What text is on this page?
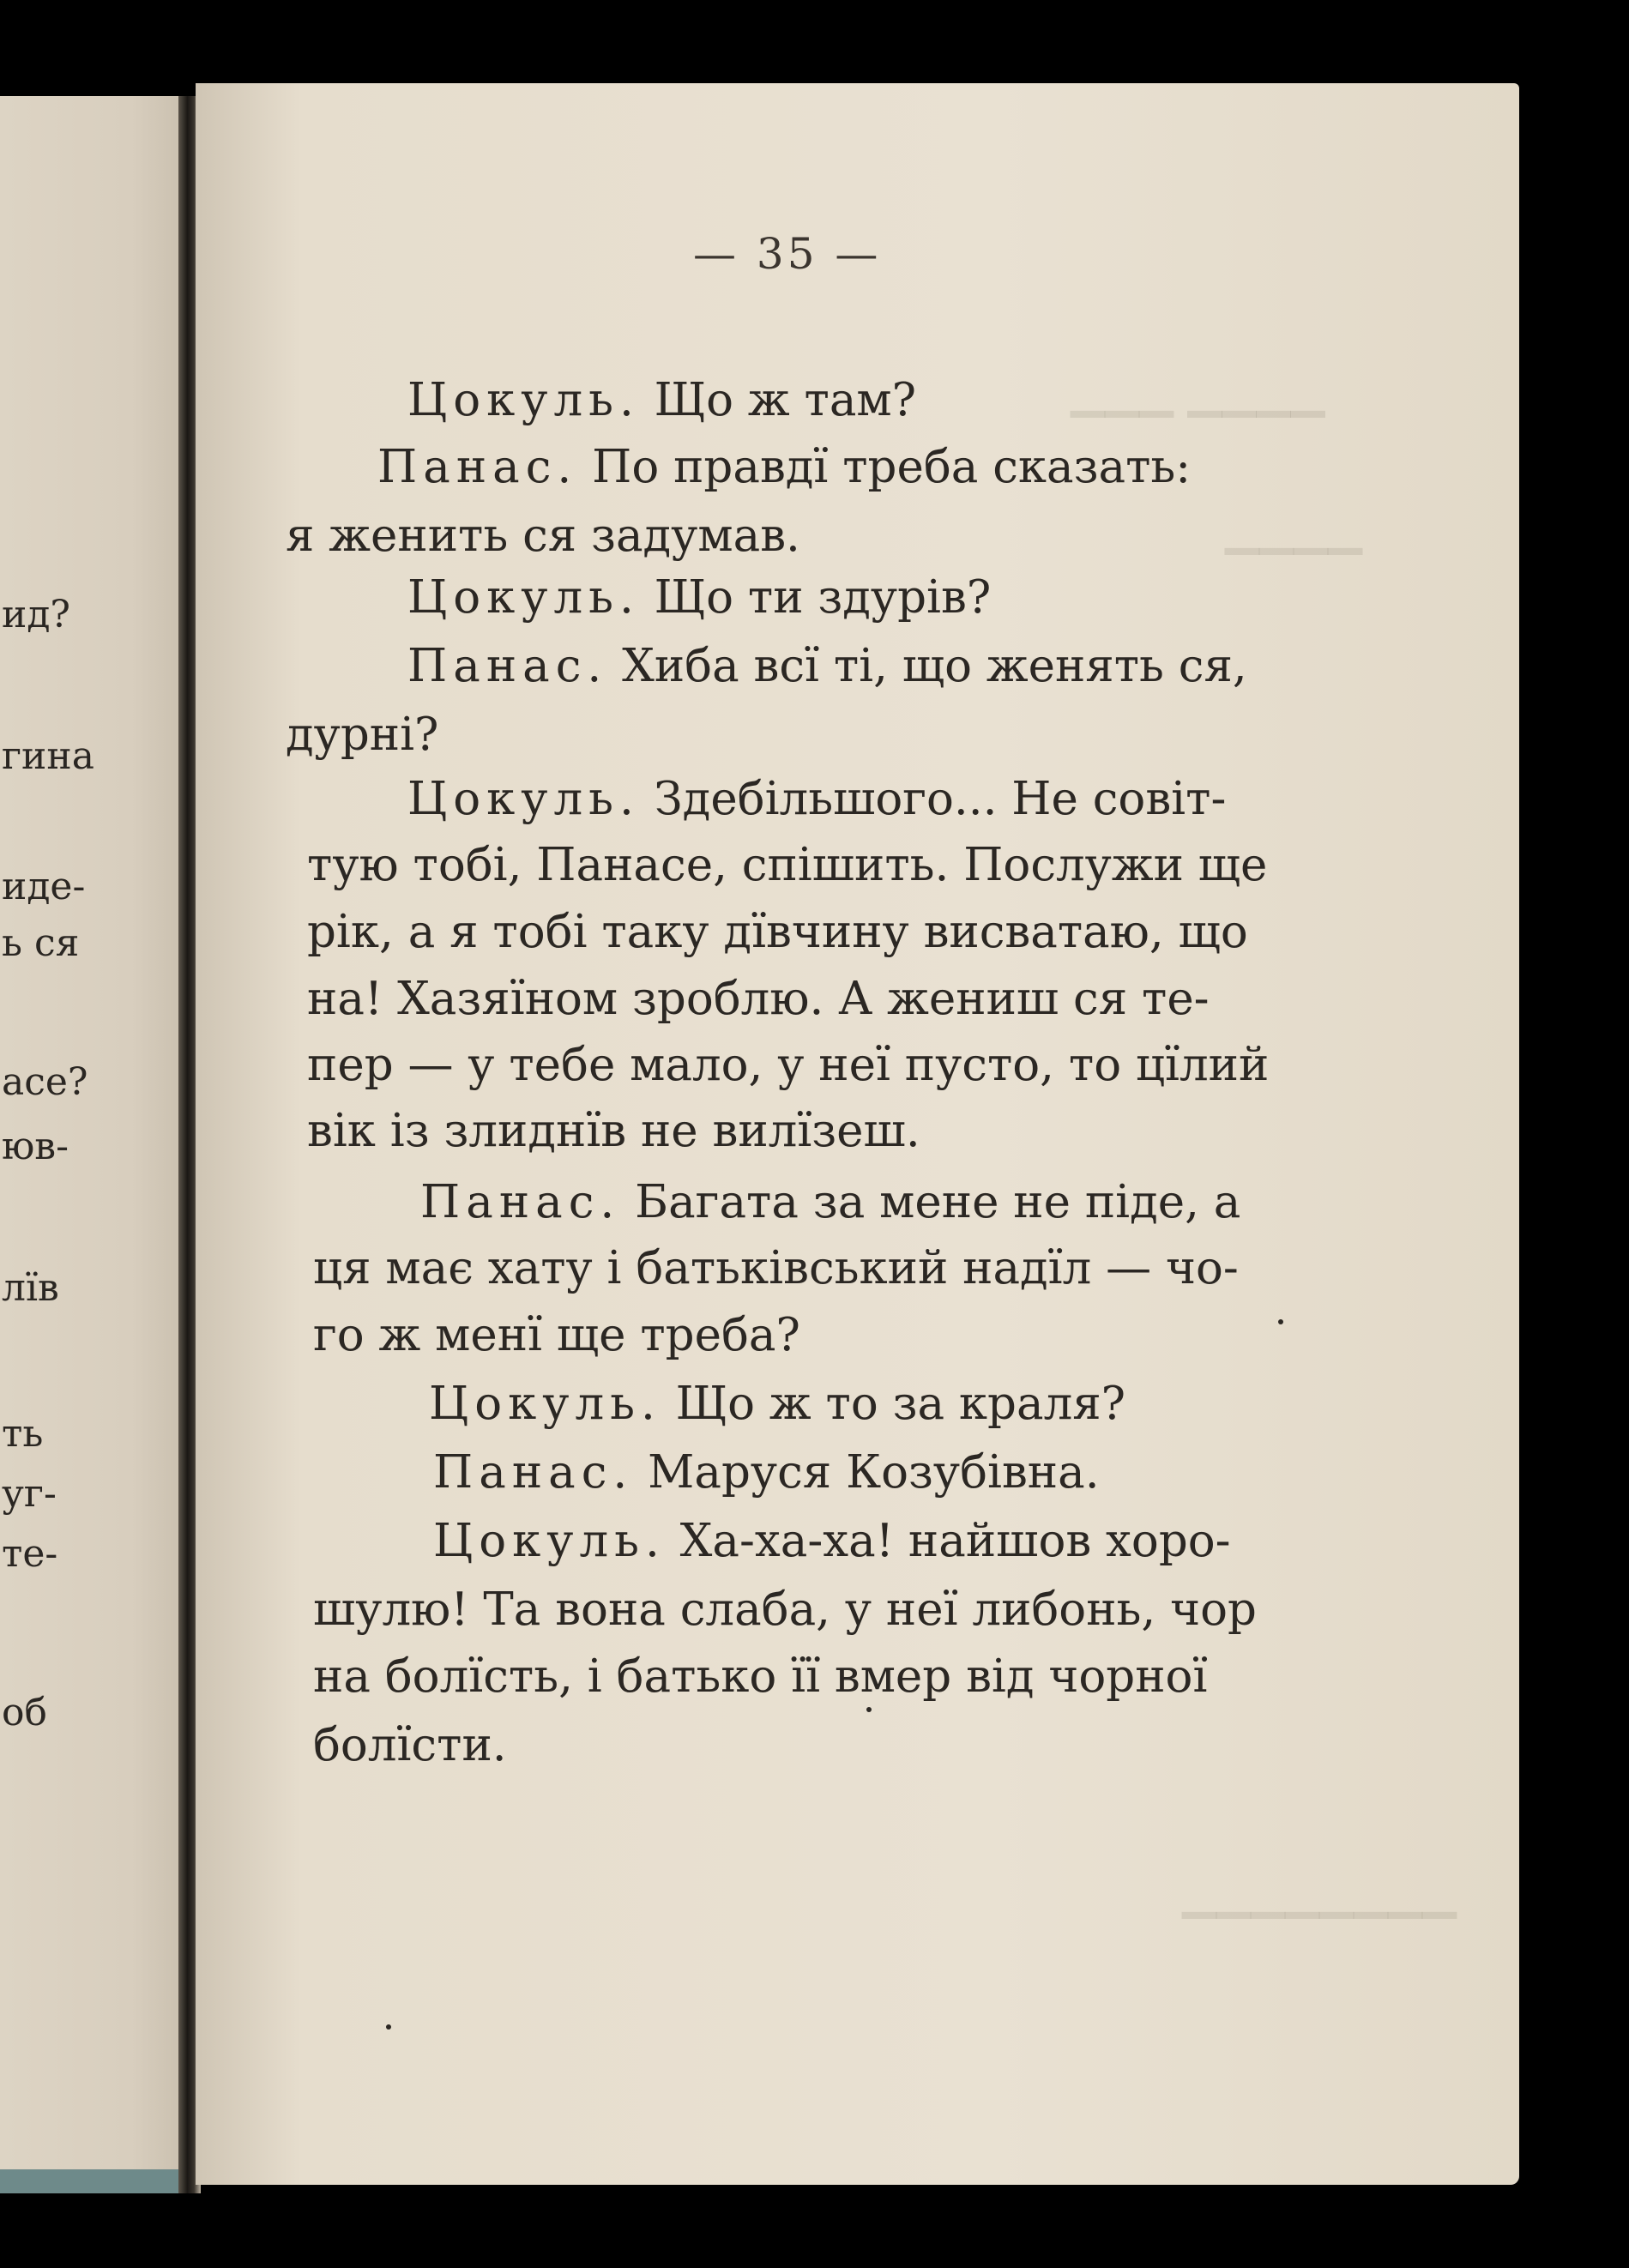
ид?
гина
иде-
ь ся
асе?
юв-
лїв
ть
уг-
те-
об
▁▁▁ ▁▁▁▁
▁▁▁▁
▁▁▁▁▁▁▁▁
— 35 —
Цокуль. Що ж там?
Панас. По правдї треба сказать:
я женить ся задумав.
Цокуль. Що ти здурів?
Панас. Хиба всї ті, що женять ся,
дурні?
Цокуль. Здебільшого... Не совіт-
тую тобі, Панасе, спішить. Послужи ще
рік, а я тобі таку дївчину висватаю, що
на! Хазяїном зроблю. А жениш ся те-
пер — у тебе мало, у неї пусто, то цїлий
вік із злиднїв не вилїзеш.
Панас. Багата за мене не піде, а
ця має хату і батьківський надїл — чо-
го ж менї ще треба?
Цокуль. Що ж то за краля?
Панас. Маруся Козубівна.
Цокуль. Ха-ха-ха! найшов хоро-
шулю! Та вона слаба, у неї либонь, чор
на болїсть, і батько її вмер від чорної
болїсти.
